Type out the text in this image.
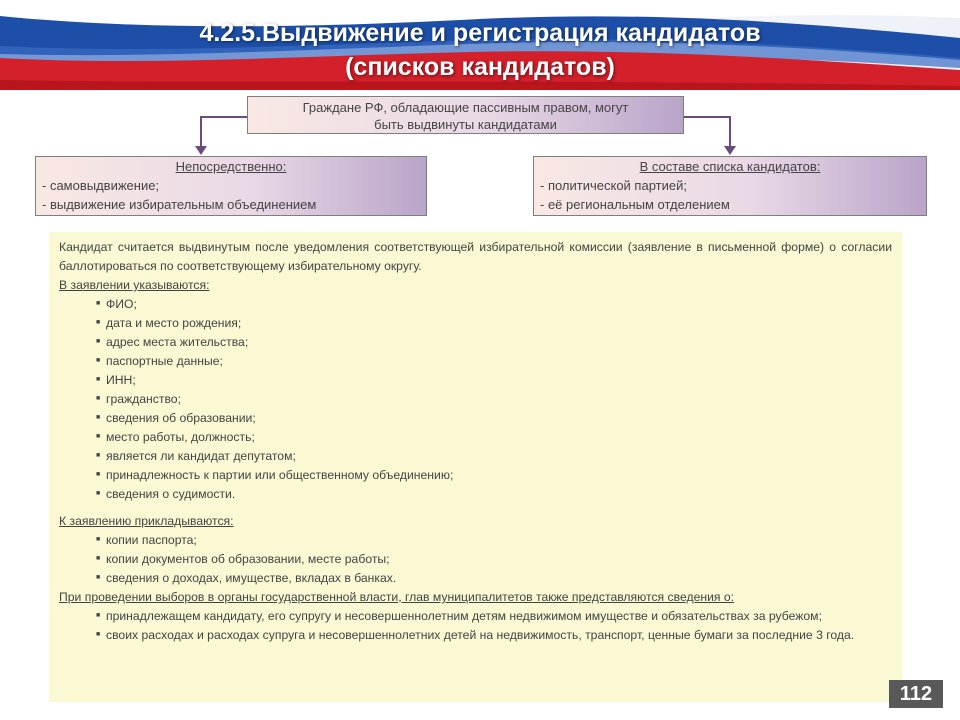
4.2.5.Выдвижение и регистрация кандидатов
(списков кандидатов)
Граждане РФ, обладающие пассивным правом, могут
быть выдвинуты кандидатами
Непосредственно:
- самовыдвижение;
- выдвижение избирательным объединением
В составе списка кандидатов:
- политической партией;
- её региональным отделением
Кандидат считается выдвинутым после уведомления соответствующей избирательной комиссии (заявление в письменной форме) о согласии баллотироваться по соответствующему избирательному округу.
В заявлении указываются:
■ ФИО;
■ дата и место рождения;
■ адрес места жительства;
■ паспортные данные;
■ ИНН;
■ гражданство;
■ сведения об образовании;
■ место работы, должность;
■ является ли кандидат депутатом;
■ принадлежность к партии или общественному объединению;
■ сведения о судимости.
К заявлению прикладываются:
■ копии паспорта;
■ копии документов об образовании, месте работы;
■ сведения о доходах, имуществе, вкладах в банках.
При проведении выборов в органы государственной власти, глав муниципалитетов также представляются сведения о:
■ принадлежащем кандидату, его супругу и несовершеннолетним детям недвижимом имуществе и обязательствах за рубежом;
■ своих расходах и расходах супруга и несовершеннолетних детей на недвижимость, транспорт, ценные бумаги за последние 3 года.
112
